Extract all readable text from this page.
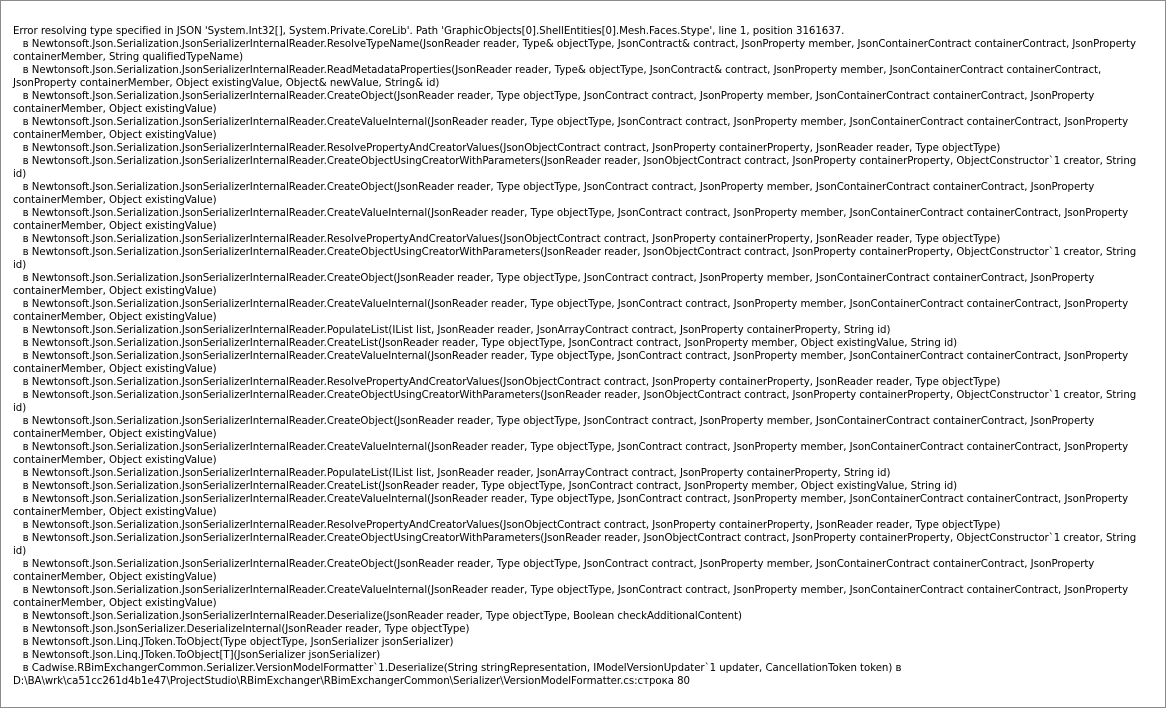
Error resolving type specified in JSON 'System.Int32[], System.Private.CoreLib'. Path 'GraphicObjects[0].ShellEntities[0].Mesh.Faces.Stype', line 1, position 3161637.
в Newtonsoft.Json.Serialization.JsonSerializerInternalReader.ResolveTypeName(JsonReader reader, Type& objectType, JsonContract& contract, JsonProperty member, JsonContainerContract containerContract, JsonProperty
containerMember, String qualifiedTypeName)
в Newtonsoft.Json.Serialization.JsonSerializerInternalReader.ReadMetadataProperties(JsonReader reader, Type& objectType, JsonContract& contract, JsonProperty member, JsonContainerContract containerContract,
JsonProperty containerMember, Object existingValue, Object& newValue, String& id)
в Newtonsoft.Json.Serialization.JsonSerializerInternalReader.CreateObject(JsonReader reader, Type objectType, JsonContract contract, JsonProperty member, JsonContainerContract containerContract, JsonProperty
containerMember, Object existingValue)
в Newtonsoft.Json.Serialization.JsonSerializerInternalReader.CreateValueInternal(JsonReader reader, Type objectType, JsonContract contract, JsonProperty member, JsonContainerContract containerContract, JsonProperty
containerMember, Object existingValue)
в Newtonsoft.Json.Serialization.JsonSerializerInternalReader.ResolvePropertyAndCreatorValues(JsonObjectContract contract, JsonProperty containerProperty, JsonReader reader, Type objectType)
в Newtonsoft.Json.Serialization.JsonSerializerInternalReader.CreateObjectUsingCreatorWithParameters(JsonReader reader, JsonObjectContract contract, JsonProperty containerProperty, ObjectConstructor`1 creator, String
id)
в Newtonsoft.Json.Serialization.JsonSerializerInternalReader.CreateObject(JsonReader reader, Type objectType, JsonContract contract, JsonProperty member, JsonContainerContract containerContract, JsonProperty
containerMember, Object existingValue)
в Newtonsoft.Json.Serialization.JsonSerializerInternalReader.CreateValueInternal(JsonReader reader, Type objectType, JsonContract contract, JsonProperty member, JsonContainerContract containerContract, JsonProperty
containerMember, Object existingValue)
в Newtonsoft.Json.Serialization.JsonSerializerInternalReader.ResolvePropertyAndCreatorValues(JsonObjectContract contract, JsonProperty containerProperty, JsonReader reader, Type objectType)
в Newtonsoft.Json.Serialization.JsonSerializerInternalReader.CreateObjectUsingCreatorWithParameters(JsonReader reader, JsonObjectContract contract, JsonProperty containerProperty, ObjectConstructor`1 creator, String
id)
в Newtonsoft.Json.Serialization.JsonSerializerInternalReader.CreateObject(JsonReader reader, Type objectType, JsonContract contract, JsonProperty member, JsonContainerContract containerContract, JsonProperty
containerMember, Object existingValue)
в Newtonsoft.Json.Serialization.JsonSerializerInternalReader.CreateValueInternal(JsonReader reader, Type objectType, JsonContract contract, JsonProperty member, JsonContainerContract containerContract, JsonProperty
containerMember, Object existingValue)
в Newtonsoft.Json.Serialization.JsonSerializerInternalReader.PopulateList(IList list, JsonReader reader, JsonArrayContract contract, JsonProperty containerProperty, String id)
в Newtonsoft.Json.Serialization.JsonSerializerInternalReader.CreateList(JsonReader reader, Type objectType, JsonContract contract, JsonProperty member, Object existingValue, String id)
в Newtonsoft.Json.Serialization.JsonSerializerInternalReader.CreateValueInternal(JsonReader reader, Type objectType, JsonContract contract, JsonProperty member, JsonContainerContract containerContract, JsonProperty
containerMember, Object existingValue)
в Newtonsoft.Json.Serialization.JsonSerializerInternalReader.ResolvePropertyAndCreatorValues(JsonObjectContract contract, JsonProperty containerProperty, JsonReader reader, Type objectType)
в Newtonsoft.Json.Serialization.JsonSerializerInternalReader.CreateObjectUsingCreatorWithParameters(JsonReader reader, JsonObjectContract contract, JsonProperty containerProperty, ObjectConstructor`1 creator, String
id)
в Newtonsoft.Json.Serialization.JsonSerializerInternalReader.CreateObject(JsonReader reader, Type objectType, JsonContract contract, JsonProperty member, JsonContainerContract containerContract, JsonProperty
containerMember, Object existingValue)
в Newtonsoft.Json.Serialization.JsonSerializerInternalReader.CreateValueInternal(JsonReader reader, Type objectType, JsonContract contract, JsonProperty member, JsonContainerContract containerContract, JsonProperty
containerMember, Object existingValue)
в Newtonsoft.Json.Serialization.JsonSerializerInternalReader.PopulateList(IList list, JsonReader reader, JsonArrayContract contract, JsonProperty containerProperty, String id)
в Newtonsoft.Json.Serialization.JsonSerializerInternalReader.CreateList(JsonReader reader, Type objectType, JsonContract contract, JsonProperty member, Object existingValue, String id)
в Newtonsoft.Json.Serialization.JsonSerializerInternalReader.CreateValueInternal(JsonReader reader, Type objectType, JsonContract contract, JsonProperty member, JsonContainerContract containerContract, JsonProperty
containerMember, Object existingValue)
в Newtonsoft.Json.Serialization.JsonSerializerInternalReader.ResolvePropertyAndCreatorValues(JsonObjectContract contract, JsonProperty containerProperty, JsonReader reader, Type objectType)
в Newtonsoft.Json.Serialization.JsonSerializerInternalReader.CreateObjectUsingCreatorWithParameters(JsonReader reader, JsonObjectContract contract, JsonProperty containerProperty, ObjectConstructor`1 creator, String
id)
в Newtonsoft.Json.Serialization.JsonSerializerInternalReader.CreateObject(JsonReader reader, Type objectType, JsonContract contract, JsonProperty member, JsonContainerContract containerContract, JsonProperty
containerMember, Object existingValue)
в Newtonsoft.Json.Serialization.JsonSerializerInternalReader.CreateValueInternal(JsonReader reader, Type objectType, JsonContract contract, JsonProperty member, JsonContainerContract containerContract, JsonProperty
containerMember, Object existingValue)
в Newtonsoft.Json.Serialization.JsonSerializerInternalReader.Deserialize(JsonReader reader, Type objectType, Boolean checkAdditionalContent)
в Newtonsoft.Json.JsonSerializer.DeserializeInternal(JsonReader reader, Type objectType)
в Newtonsoft.Json.Linq.JToken.ToObject(Type objectType, JsonSerializer jsonSerializer)
в Newtonsoft.Json.Linq.JToken.ToObject[T](JsonSerializer jsonSerializer)
в Cadwise.RBimExchangerCommon.Serializer.VersionModelFormatter`1.Deserialize(String stringRepresentation, IModelVersionUpdater`1 updater, CancellationToken token) в
D:\BA\wrk\ca51cc261d4b1e47\ProjectStudio\RBimExchanger\RBimExchangerCommon\Serializer\VersionModelFormatter.cs:строка 80
